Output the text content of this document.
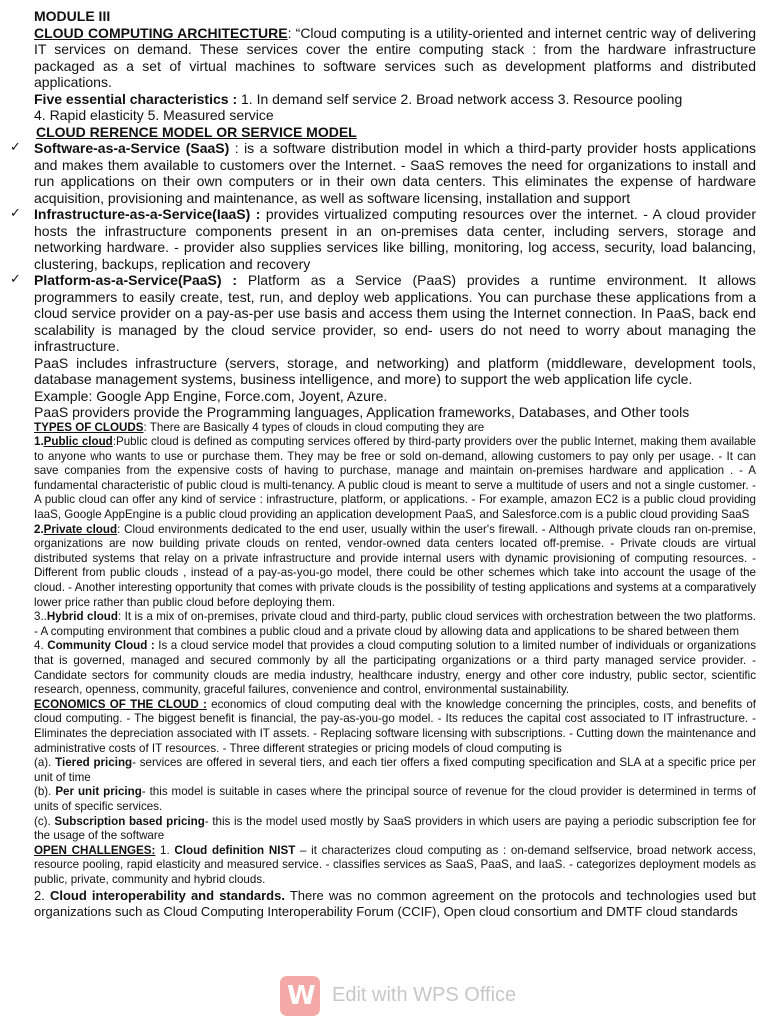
MODULE III

CLOUD COMPUTING ARCHITECTURE: “Cloud computing is a utility-oriented and internet centric way of delivering IT services on demand. These services cover the entire computing stack : from the hardware infrastructure packaged as a set of virtual machines to software services such as development platforms and distributed applications.

Five essential characteristics : 1. In demand self service 2. Broad network access 3. Resource pooling

4. Rapid elasticity 5. Measured service

CLOUD RERENCE MODEL OR SERVICE MODEL

✓ Software-as-a-Service (SaaS) : is a software distribution model in which a third-party provider hosts applications and makes them available to customers over the Internet. - SaaS removes the need for organizations to install and run applications on their own computers or in their own data centers. This eliminates the expense of hardware acquisition, provisioning and maintenance, as well as software licensing, installation and support

✓ Infrastructure-as-a-Service(IaaS) : provides virtualized computing resources over the internet. - A cloud provider hosts the infrastructure components present in an on-premises data center, including servers, storage and networking hardware. - provider also supplies services like billing, monitoring, log access, security, load balancing, clustering, backups, replication and recovery

✓ Platform-as-a-Service(PaaS) : Platform as a Service (PaaS) provides a runtime environment. It allows programmers to easily create, test, run, and deploy web applications. You can purchase these applications from a cloud service provider on a pay-as-per use basis and access them using the Internet connection. In PaaS, back end scalability is managed by the cloud service provider, so end- users do not need to worry about managing the infrastructure.

PaaS includes infrastructure (servers, storage, and networking) and platform (middleware, development tools, database management systems, business intelligence, and more) to support the web application life cycle.

Example: Google App Engine, Force.com, Joyent, Azure.

PaaS providers provide the Programming languages, Application frameworks, Databases, and Other tools

TYPES OF CLOUDS: There are Basically 4 types of clouds in cloud computing they are

1.Public cloud:Public cloud is defined as computing services offered by third-party providers over the public Internet, making them available to anyone who wants to use or purchase them. They may be free or sold on-demand, allowing customers to pay only per usage. - It can save companies from the expensive costs of having to purchase, manage and maintain on-premises hardware and application . - A fundamental characteristic of public cloud is multi-tenancy. A public cloud is meant to serve a multitude of users and not a single customer. - A public cloud can offer any kind of service : infrastructure, platform, or applications. - For example, amazon EC2 is a public cloud providing IaaS, Google AppEngine is a public cloud providing an application development PaaS, and Salesforce.com is a public cloud providing SaaS

2.Private cloud: Cloud environments dedicated to the end user, usually within the user's firewall. - Although private clouds ran on-premise, organizations are now building private clouds on rented, vendor-owned data centers located off-premise. - Private clouds are virtual distributed systems that relay on a private infrastructure and provide internal users with dynamic provisioning of computing resources. - Different from public clouds , instead of a pay-as-you-go model, there could be other schemes which take into account the usage of the cloud. - Another interesting opportunity that comes with private clouds is the possibility of testing applications and systems at a comparatively lower price rather than public cloud before deploying them.

3..Hybrid cloud: It is a mix of on-premises, private cloud and third-party, public cloud services with orchestration between the two platforms. - A computing environment that combines a public cloud and a private cloud by allowing data and applications to be shared between them

4. Community Cloud : Is a cloud service model that provides a cloud computing solution to a limited number of individuals or organizations that is governed, managed and secured commonly by all the participating organizations or a third party managed service provider. - Candidate sectors for community clouds are media industry, healthcare industry, energy and other core industry, public sector, scientific research, openness, community, graceful failures, convenience and control, environmental sustainability.

ECONOMICS OF THE CLOUD : economics of cloud computing deal with the knowledge concerning the principles, costs, and benefits of cloud computing. - The biggest benefit is financial, the pay-as-you-go model. - Its reduces the capital cost associated to IT infrastructure. - Eliminates the depreciation associated with IT assets. - Replacing software licensing with subscriptions. - Cutting down the maintenance and administrative costs of IT resources. - Three different strategies or pricing models of cloud computing is

(a). Tiered pricing- services are offered in several tiers, and each tier offers a fixed computing specification and SLA at a specific price per unit of time

(b). Per unit pricing- this model is suitable in cases where the principal source of revenue for the cloud provider is determined in terms of units of specific services.

(c). Subscription based pricing- this is the model used mostly by SaaS providers in which users are paying a periodic subscription fee for the usage of the software

OPEN CHALLENGES: 1. Cloud definition NIST – it characterizes cloud computing as : on-demand selfservice, broad network access, resource pooling, rapid elasticity and measured service. - classifies services as SaaS, PaaS, and IaaS. - categorizes deployment models as public, private, community and hybrid clouds.

2. Cloud interoperability and standards. There was no common agreement on the protocols and technologies used but organizations such as Cloud Computing Interoperability Forum (CCIF), Open cloud consortium and DMTF cloud standards

W Edit with WPS Office
